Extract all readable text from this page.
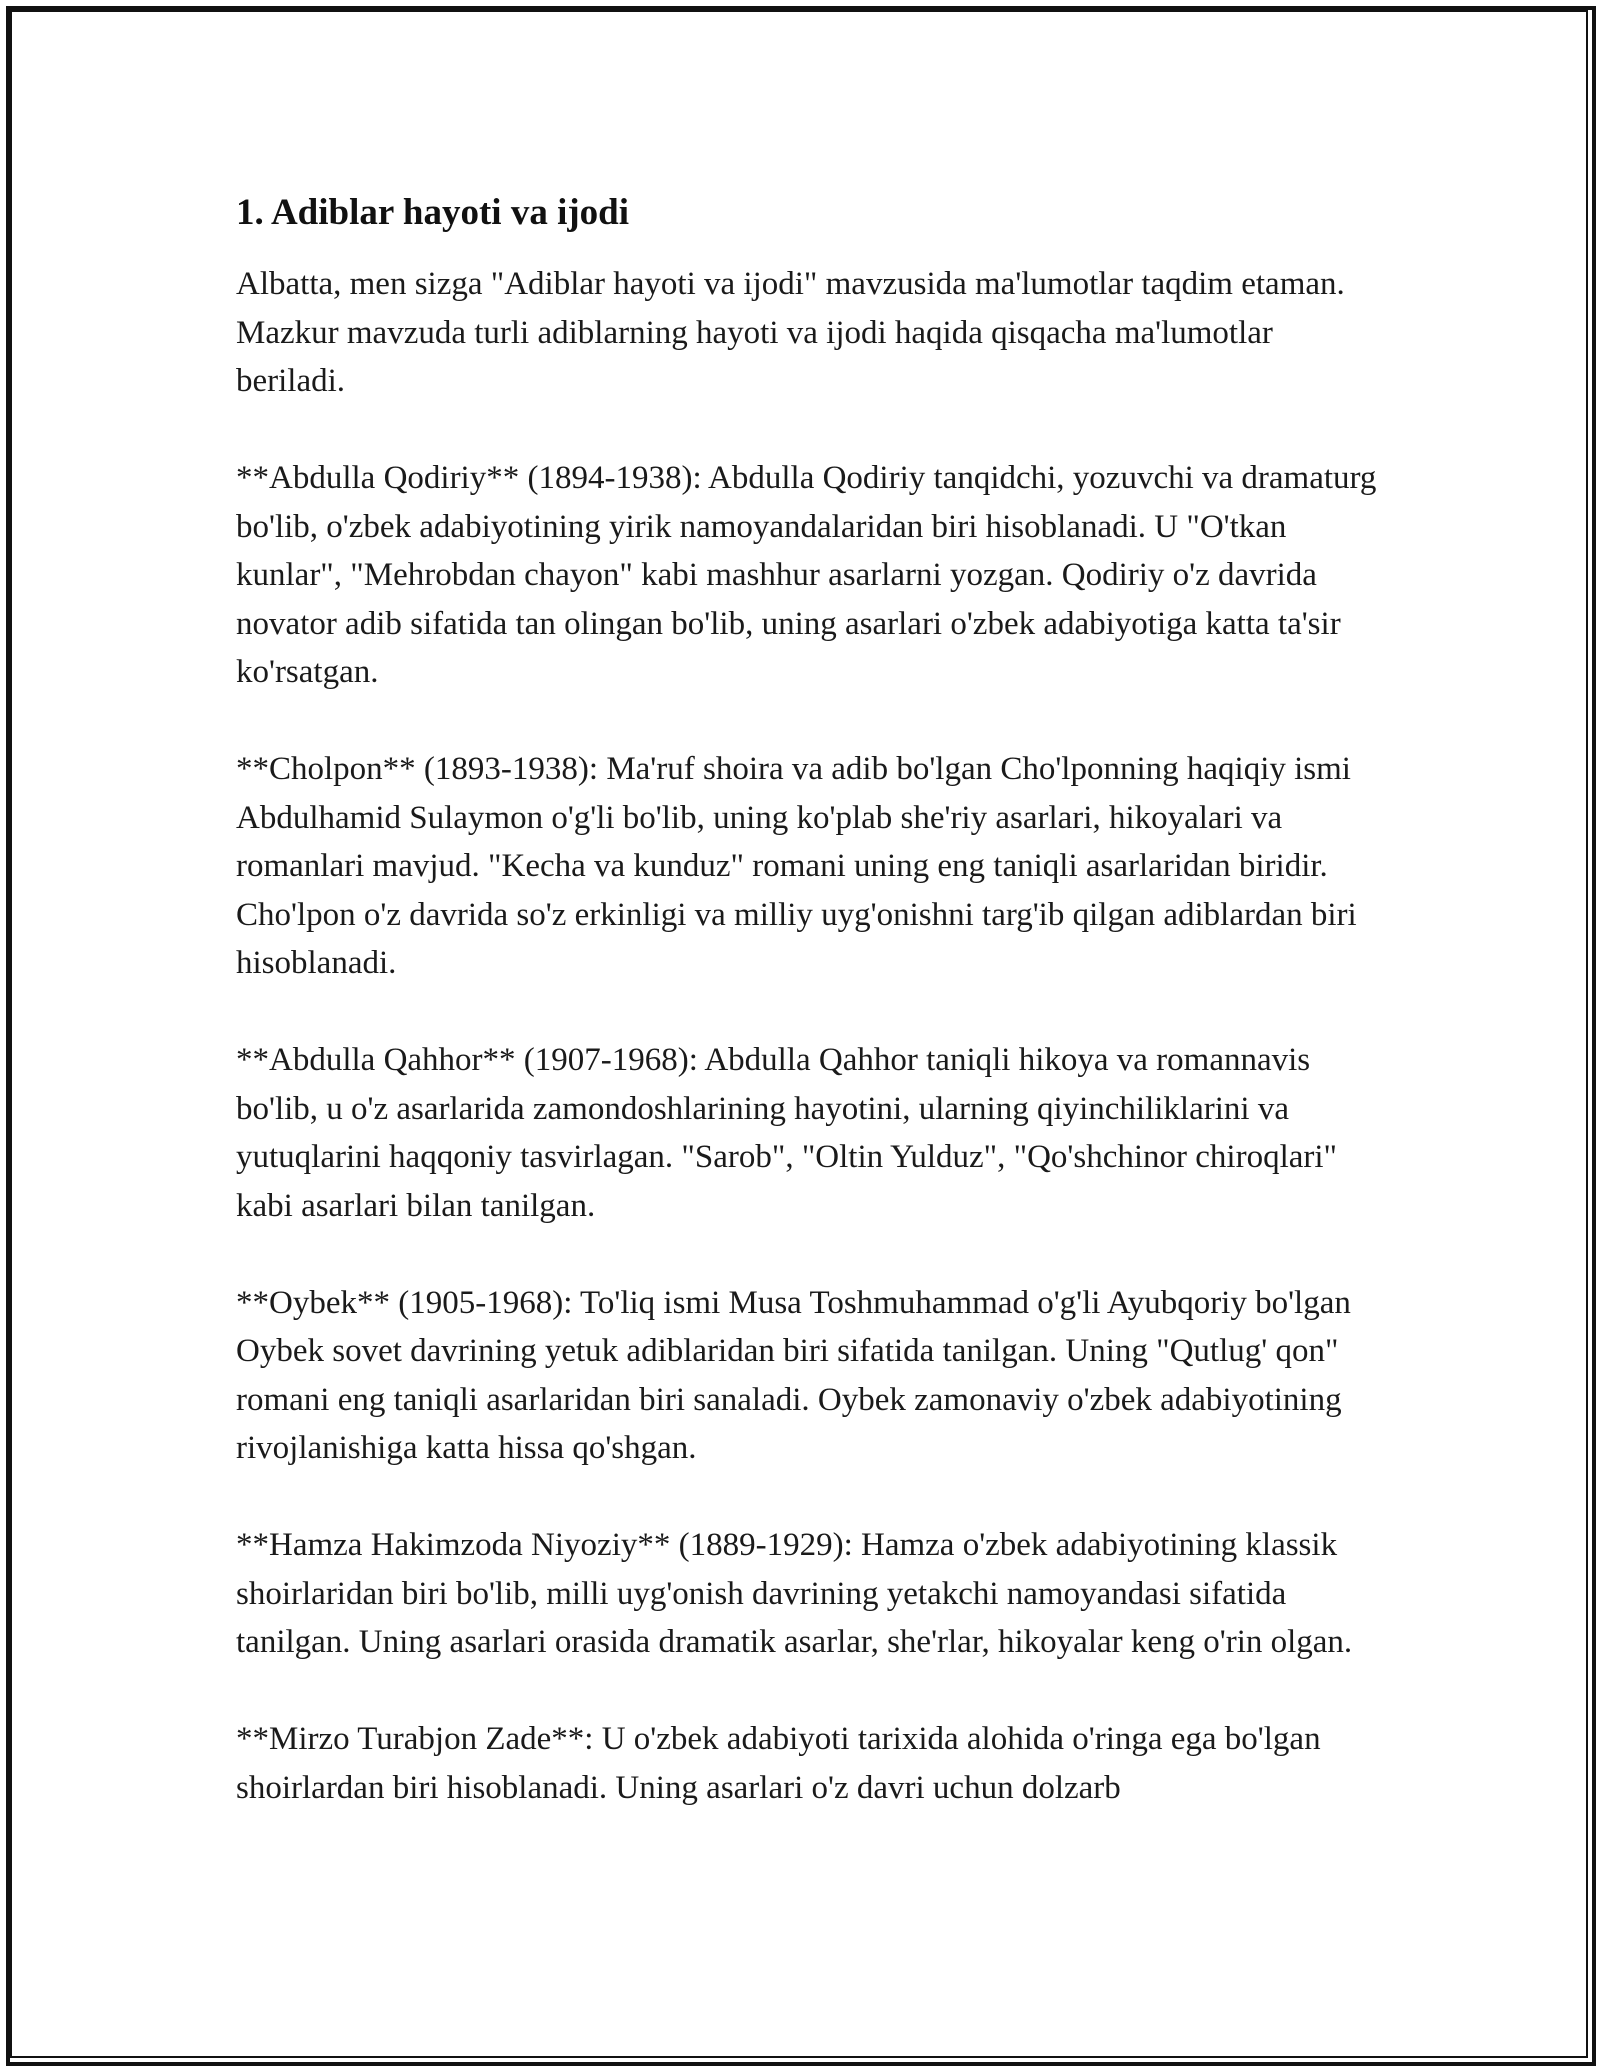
1. Adiblar hayoti va ijodi

Albatta, men sizga "Adiblar hayoti va ijodi" mavzusida ma'lumotlar taqdim etaman. Mazkur mavzuda turli adiblarning hayoti va ijodi haqida qisqacha ma'lumotlar beriladi.

**Abdulla Qodiriy** (1894-1938): Abdulla Qodiriy tanqidchi, yozuvchi va dramaturg bo'lib, o'zbek adabiyotining yirik namoyandalaridan biri hisoblanadi. U "O'tkan kunlar", "Mehrobdan chayon" kabi mashhur asarlarni yozgan. Qodiriy o'z davrida novator adib sifatida tan olingan bo'lib, uning asarlari o'zbek adabiyotiga katta ta'sir ko'rsatgan.

**Cholpon** (1893-1938): Ma'ruf shoira va adib bo'lgan Cho'lponning haqiqiy ismi Abdulhamid Sulaymon o'g'li bo'lib, uning ko'plab she'riy asarlari, hikoyalari va romanlari mavjud. "Kecha va kunduz" romani uning eng taniqli asarlaridan biridir. Cho'lpon o'z davrida so'z erkinligi va milliy uyg'onishni targ'ib qilgan adiblardan biri hisoblanadi.

**Abdulla Qahhor** (1907-1968): Abdulla Qahhor taniqli hikoya va romannavis bo'lib, u o'z asarlarida zamondoshlarining hayotini, ularning qiyinchiliklarini va yutuqlarini haqqoniy tasvirlagan. "Sarob", "Oltin Yulduz", "Qo'shchinor chiroqlari" kabi asarlari bilan tanilgan.

**Oybek** (1905-1968): To'liq ismi Musa Toshmuhammad o'g'li Ayubqoriy bo'lgan Oybek sovet davrining yetuk adiblaridan biri sifatida tanilgan. Uning "Qutlug' qon" romani eng taniqli asarlaridan biri sanaladi. Oybek zamonaviy o'zbek adabiyotining rivojlanishiga katta hissa qo'shgan.

**Hamza Hakimzoda Niyoziy** (1889-1929): Hamza o'zbek adabiyotining klassik shoirlaridan biri bo'lib, milli uyg'onish davrining yetakchi namoyandasi sifatida tanilgan. Uning asarlari orasida dramatik asarlar, she'rlar, hikoyalar keng o'rin olgan.

**Mirzo Turabjon Zade**: U o'zbek adabiyoti tarixida alohida o'ringa ega bo'lgan shoirlardan biri hisoblanadi. Uning asarlari o'z davri uchun dolzarb
